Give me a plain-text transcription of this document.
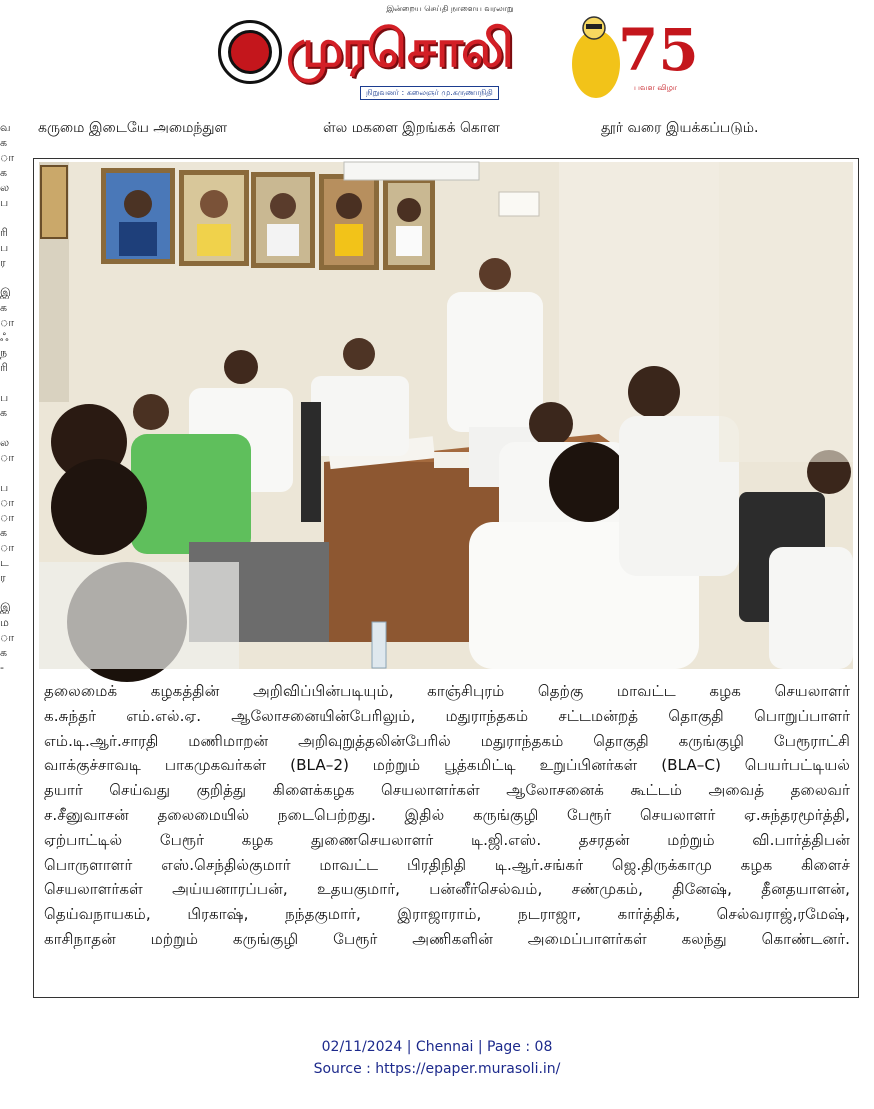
இன்றைய செய்தி நாளைய வரலாறு
முரசொலி
நிறுவனர் : கலைஞர் மு.கருணாநிதி
75
பவள விழா
வ
க
ா
க
ல
ப
ரி
ப
ர
இ
க
ா
ஃ
ந
ரி
ப
க
ல
ா
ப
ா
ா
க
ா
ட
ர
இ
ம
ா
க
-
கருமை இடையே அமைந்துள	ள்ல மகளை இறங்கக் கொள	தூர் வரை இயக்கப்படும்.

தலைமைக் கழகத்தின் அறிவிப்பின்படியும், காஞ்சிபுரம் தெற்கு மாவட்ட கழக செயலாளர்

க.சுந்தர் எம்.எல்.ஏ. ஆலோசனையின்பேரிலும், மதுராந்தகம் சட்டமன்றத் தொகுதி பொறுப்பாளர்

எம்.டி.ஆர்.சாரதி மணிமாறன் அறிவுறுத்தலின்பேரில் மதுராந்தகம் தொகுதி கருங்குழி பேரூராட்சி

வாக்குச்சாவடி பாகமுகவர்கள் (BLA–2) மற்றும் பூத்கமிட்டி உறுப்பினர்கள் (BLA–C) பெயர்பட்டியல்

தயார் செய்வது குறித்து கிளைக்கழக செயலாளர்கள் ஆலோசனைக் கூட்டம் அவைத் தலைவர்

ச.சீனுவாசன் தலைமையில் நடைபெற்றது. இதில் கருங்குழி பேரூர் செயலாளர் ஏ.சுந்தரமூர்த்தி,

ஏற்பாட்டில் பேரூர் கழக துணைசெயலாளர் டி.ஜி.எஸ். தசரதன் மற்றும் வி.பார்த்திபன்

பொருளாளர் எஸ்.செந்தில்குமார் மாவட்ட பிரதிநிதி டி.ஆர்.சங்கர் ஜெ.திருக்காமு கழக கிளைச்

செயலாளர்கள் அய்யனாரப்பன், உதயகுமார், பன்னீர்செல்வம், சண்முகம், தினேஷ், தீனதயாளன்,

தெய்வநாயகம், பிரகாஷ், நந்தகுமார், இராஜாராம், நடராஜா, கார்த்திக், செல்வராஜ்,ரமேஷ்,

காசிநாதன் மற்றும் கருங்குழி பேரூர் அணிகளின் அமைப்பாளர்கள் கலந்து கொண்டனர்.

02/11/2024 | Chennai | Page : 08
Source : https://epaper.murasoli.in/
